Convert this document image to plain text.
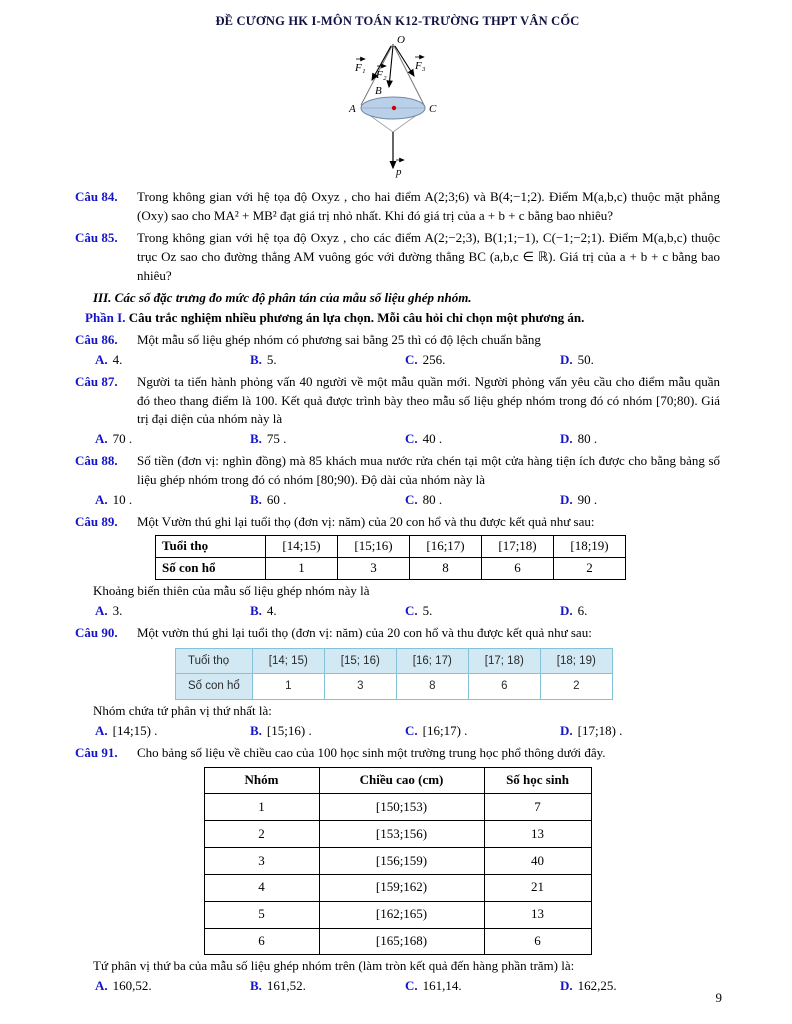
ĐỀ CƯƠNG HK I-MÔN TOÁN K12-TRƯỜNG THPT VÂN CỐC
O
F₁
F₂
F₃
B
A	C
p
Câu 84.	Trong không gian với hệ tọa độ Oxyz , cho hai điểm A(2;3;6) và B(4;−1;2). Điểm M(a,b,c) thuộc mặt phẳng (Oxy) sao cho MA² + MB² đạt giá trị nhỏ nhất. Khi đó giá trị của a + b + c bằng bao nhiêu?
Câu 85.	Trong không gian với hệ tọa độ Oxyz , cho các điểm A(2;−2;3), B(1;1;−1), C(−1;−2;1). Điểm M(a,b,c) thuộc trục Oz sao cho đường thẳng AM vuông góc với đường thẳng BC (a,b,c ∈ ℝ). Giá trị của a + b + c bằng bao nhiêu?
III. Các số đặc trưng đo mức độ phân tán của mẫu số liệu ghép nhóm.
Phần I. Câu trắc nghiệm nhiều phương án lựa chọn. Mỗi câu hỏi chỉ chọn một phương án.
Câu 86.	Một mẫu số liệu ghép nhóm có phương sai bằng 25 thì có độ lệch chuẩn bằng
A. 4.	B. 5.	C. 256.	D. 50.
Câu 87.	Người ta tiến hành phỏng vấn 40 người về một mẫu quần mới. Người phỏng vấn yêu cầu cho điểm mẫu quần đó theo thang điểm là 100. Kết quả được trình bày theo mẫu số liệu ghép nhóm trong đó có nhóm [70;80). Giá trị đại diện của nhóm này là
A. 70 .	B. 75 .	C. 40 .	D. 80 .
Câu 88.	Số tiền (đơn vị: nghìn đồng) mà 85 khách mua nước rửa chén tại một cửa hàng tiện ích được cho bằng bảng số liệu ghép nhóm trong đó có nhóm [80;90). Độ dài của nhóm này là
A. 10 .	B. 60 .	C. 80 .	D. 90 .
Câu 89.	Một Vườn thú ghi lại tuổi thọ (đơn vị: năm) của 20 con hổ và thu được kết quả như sau:
Tuổi thọ	[14;15)	[15;16)	[16;17)	[17;18)	[18;19)
Số con hổ	1	3	8	6	2
Khoảng biến thiên của mẫu số liệu ghép nhóm này là
A. 3.	B. 4.	C. 5.	D. 6.
Câu 90.	Một vườn thú ghi lại tuổi thọ (đơn vị: năm) của 20 con hổ và thu được kết quả như sau:
Tuổi thọ	[14; 15)	[15; 16)	[16; 17)	[17; 18)	[18; 19)
Số con hổ	1	3	8	6	2
Nhóm chứa tứ phân vị thứ nhất là:
A. [14;15) .	B. [15;16) .	C. [16;17) .	D. [17;18) .
Câu 91.	Cho bảng số liệu về chiều cao của 100 học sinh một trường trung học phổ thông dưới đây.
Nhóm	Chiều cao (cm)	Số học sinh
1	[150;153)	7
2	[153;156)	13
3	[156;159)	40
4	[159;162)	21
5	[162;165)	13
6	[165;168)	6
Tứ phân vị thứ ba của mẫu số liệu ghép nhóm trên (làm tròn kết quả đến hàng phần trăm) là:
A. 160,52.	B. 161,52.	C. 161,14.	D. 162,25.
9
